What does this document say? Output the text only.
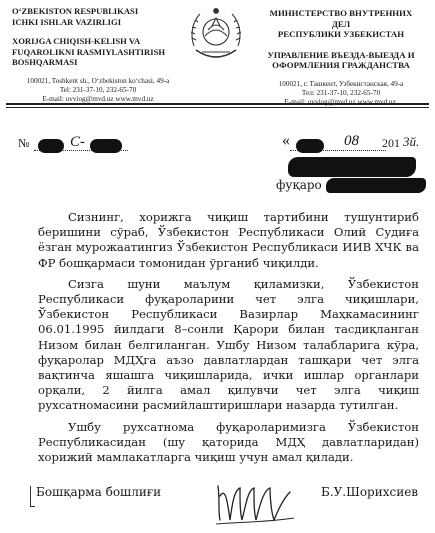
O‘ZBEKISTON RESPUBLIKASI
ICHKI ISHLAR VAZIRLIGI
XORIJGA CHIQISH-KELISH VA
FUQAROLIKNI RASMIYLASHTIRISH
BOSHQARMASI
100021, Toshkent sh., O‘zbekiston ko‘chasi, 49-a
Tel: 231-37-10, 232-65-70
E-mail: uvviog@mvd.uz www.mvd.uz
МИНИСТЕРСТВО ВНУТРЕННИХ ДЕЛ
РЕСПУБЛИКИ УЗБЕКИСТАН
УПРАВЛЕНИЕ ВЪЕЗДА-ВЫЕЗДА И
ОФОРМЛЕНИЯ ГРАЖДАНСТВА
100021, г. Ташкент, Узбекистанская, 49-а
Тел: 231-37-10, 232-65-70
E-mail: uvviog@mvd.uz www.mvd.uz.
№	С-	«	08 201 3й.
фуқаро

Сизнинг, хорижга чиқиш тартибини тушунтириб беришини сўраб, Ўзбекистон Республикаси Олий Судиға ёзган мурожаатингиз Ўзбекистон Республикаси ИИВ ХЧК ва ФР бошқармаси томонидан ўрганиб чиқилди.

Сизга шуни маълум қиламизки, Ўзбекистон Республикаси фуқароларини чет элга чиқишлари, Ўзбекистон Республикаси Вазирлар Маҳкамасининг 06.01.1995 йилдаги 8–сонли Қарори билан тасдиқланган Низом билан белгиланган. Ушбу Низом талабларига кўра, фуқаролар МДҲга аъзо давлатлардан ташқари чет элга вақтинча яшашга чиқишларида, ички ишлар органлари орқали, 2 йилга амал қилувчи чет элга чиқиш рухсатномасини расмийлаштиришлари назарда тутилган.

Ушбу рухсатнома фуқароларимизга Ўзбекистон Республикасидан (шу қаторида МДҲ давлатларидан) хорижий мамлакатларга чиқиш учун амал қилади.

Бошқарма бошлиғи	Б.У.Шорихсиев
